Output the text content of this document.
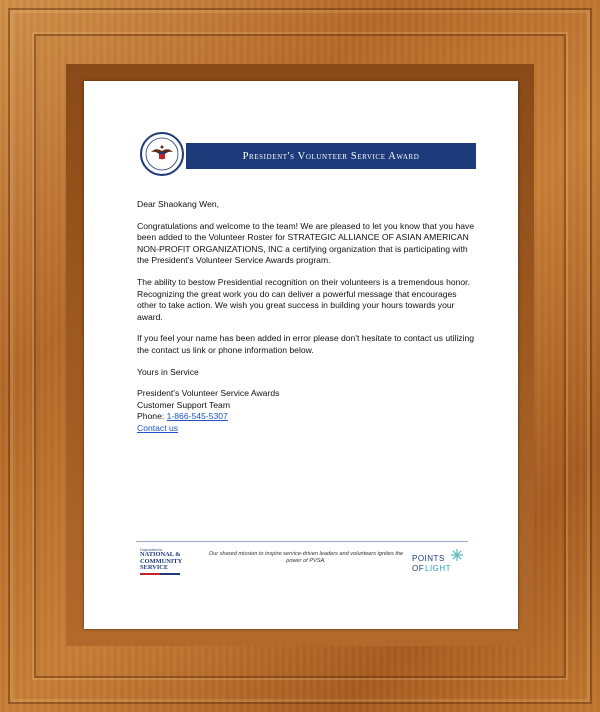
President's Volunteer Service Award

Dear Shaokang Wen,

Congratulations and welcome to the team! We are pleased to let you know that you have been added to the Volunteer Roster for STRATEGIC ALLIANCE OF ASIAN AMERICAN NON-PROFIT ORGANIZATIONS, INC a certifying organization that is participating with the President's Volunteer Service Awards program.

The ability to bestow Presidential recognition on their volunteers is a tremendous honor. Recognizing the great work you do can deliver a powerful message that encourages other to take action. We wish you great success in building your hours towards your award.

If you feel your name has been added in error please don't hesitate to contact us utilizing the contact us link or phone information below.

Yours in Service

President's Volunteer Service Awards
Customer Support Team
Phone: 1-866-545-5307
Contact us

Corporation for
NATIONAL &
COMMUNITY
SERVICE
Our shared mission to inspire service-driven leaders and volunteers ignites the power of PVSA.	POINTS
OF LIGHT
